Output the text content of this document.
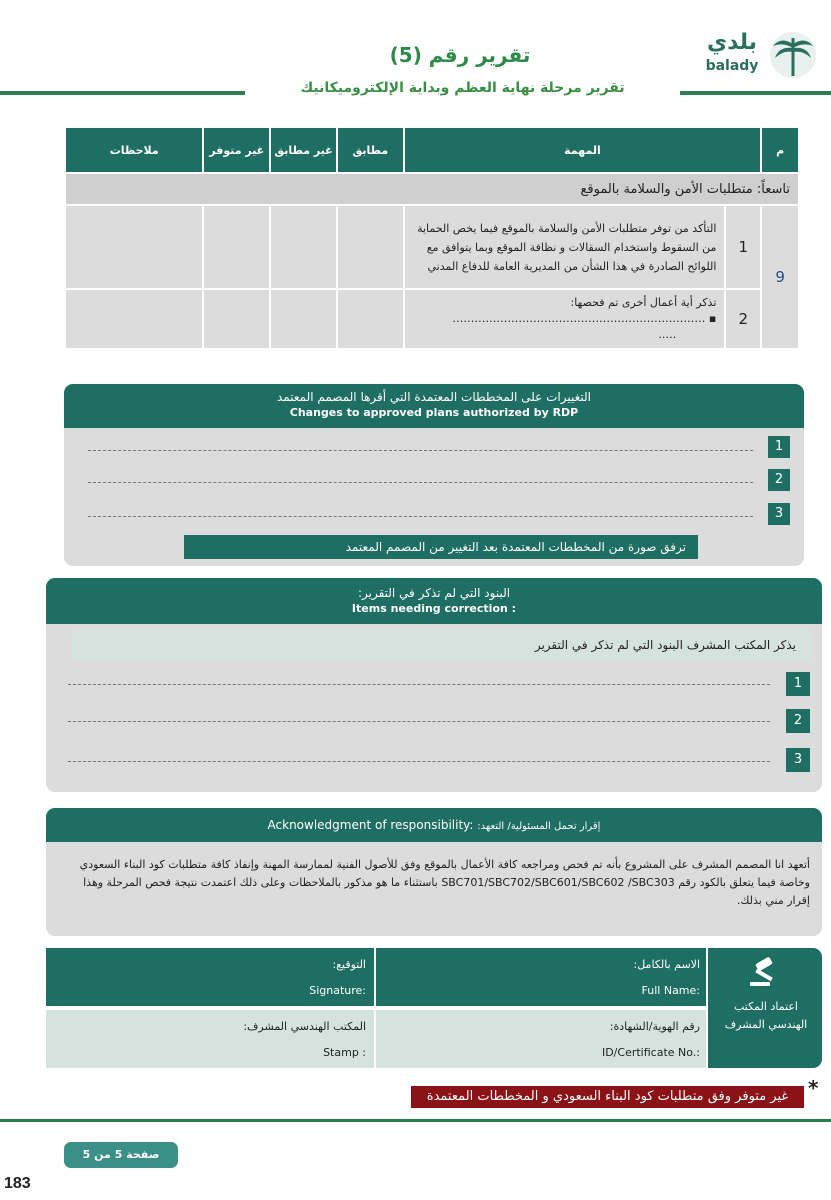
بلدي
balady
تقرير رقم (5)
تقرير مرحلة نهاية العظم وبداية الإلكتروميكانيك
م	المهمة		مطابق	غير مطابق	غير متوفر	ملاحظات
تاسعاً: متطلبات الأمن والسلامة بالموقع						
9	1	التأكد من توفر متطلبات الأمن والسلامة بالموقع فيما يخص الحماية من السقوط واستخدام السقالات و نظافة الموقع وبما يتوافق مع اللوائح الصادرة في هذا الشأن من المديرية العامة للدفاع المدني				
	2	تذكر أية أعمال أخرى تم فحصها:
▪ ……………………………………………………………
…..				

التغييرات على المخططات المعتمدة التي أقرها المصمم المعتمد
Changes to approved plans authorized by RDP
1
2
3
ترفق صورة من المخططات المعتمدة بعد التغيير من المصمم المعتمد
البنود التي لم تذكر في التقرير:
Items needing correction :
يذكر المكتب المشرف البنود التي لم تذكر في التقرير
1
2
3
Acknowledgment of responsibility: إقرار تحمل المسئولية/ التعهد:
أتعهد انا المصمم المشرف على المشروع بأنه تم فحص ومراجعه كافة الأعمال بالموقع وفق للأصول الفنية لممارسة المهنة وإنفاذ كافة متطلبات كود البناء السعودي وخاصة فيما يتعلق بالكود رقم SBC701/SBC702/SBC601/SBC602 /SBC303 باستثناء ما هو مذكور بالملاحظات وعلى ذلك اعتمدت نتيجة فحص المرحلة وهذا إقرار مني بذلك.
اعتماد المكتب الهندسي المشرف
الاسم بالكامل:
Full Name:
التوقيع:
Signature:
رقم الهوية/الشهادة:
ID/Certificate No.:
المكتب الهندسي المشرف:
Stamp :
غير متوفر وفق متطلبات كود البناء السعودي و المخططات المعتمدة *
صفحة 5 من 5
183
